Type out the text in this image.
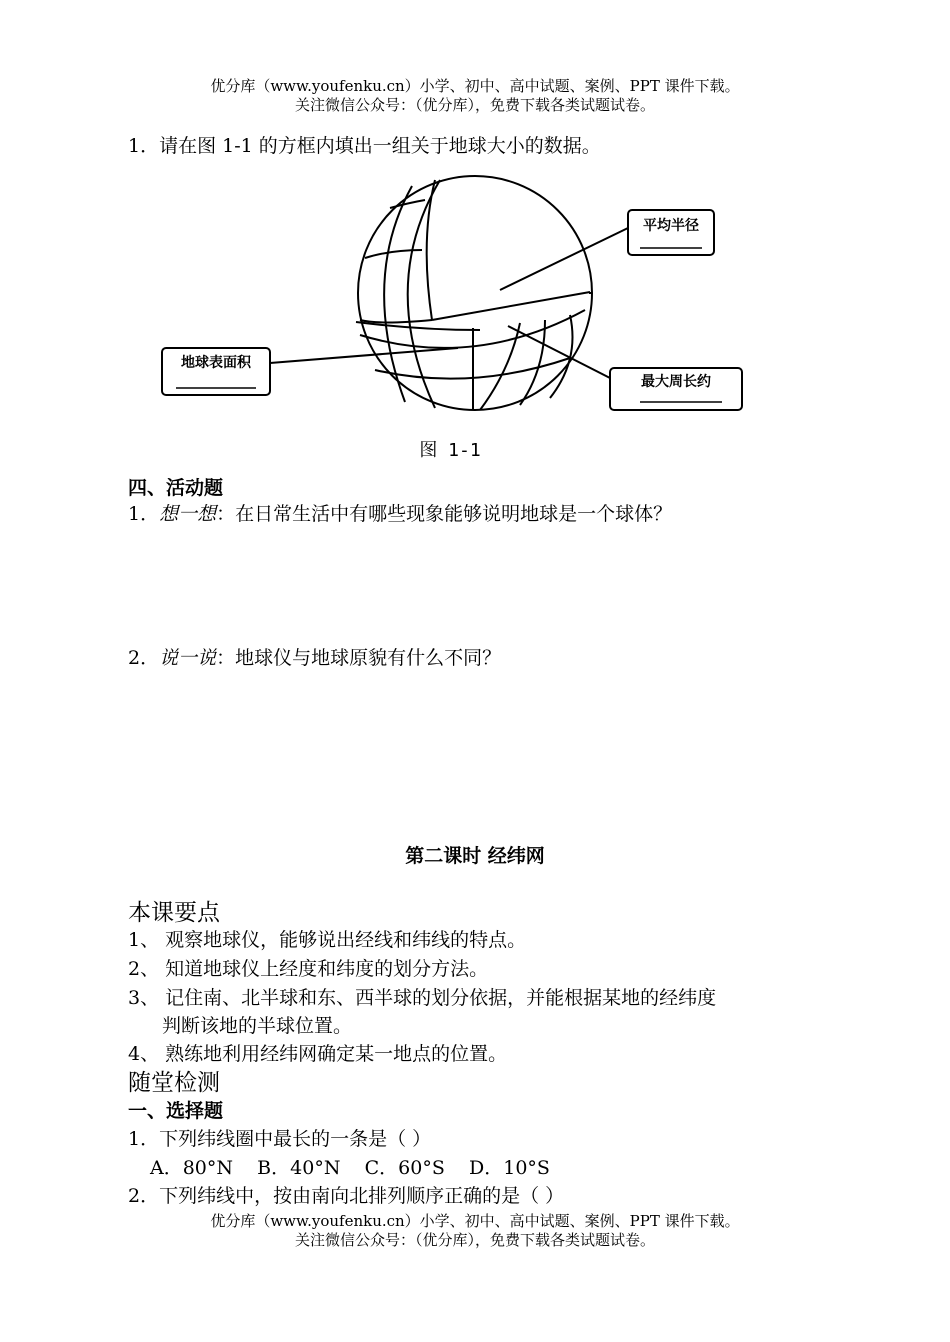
优分库（www.youfenku.cn）小学、初中、高中试题、案例、PPT 课件下载。
关注微信公众号：（优分库），免费下载各类试题试卷。
1．请在图 1-1 的方框内填出一组关于地球大小的数据。
平均半径
地球表面积
最大周长约
图 1-1
四、活动题
1．想一想：在日常生活中有哪些现象能够说明地球是一个球体？
2．说一说：地球仪与地球原貌有什么不同？
第二课时 经纬网
本课要点
1、 观察地球仪，能够说出经线和纬线的特点。
2、 知道地球仪上经度和纬度的划分方法。
3、 记住南、北半球和东、西半球的划分依据，并能根据某地的经纬度
判断该地的半球位置。
4、 熟练地利用经纬网确定某一地点的位置。
随堂检测
一、选择题
1．下列纬线圈中最长的一条是（ ）
A．80°N    B．40°N    C．60°S    D．10°S
2．下列纬线中，按由南向北排列顺序正确的是（ ）
优分库（www.youfenku.cn）小学、初中、高中试题、案例、PPT 课件下载。
关注微信公众号：（优分库），免费下载各类试题试卷。
